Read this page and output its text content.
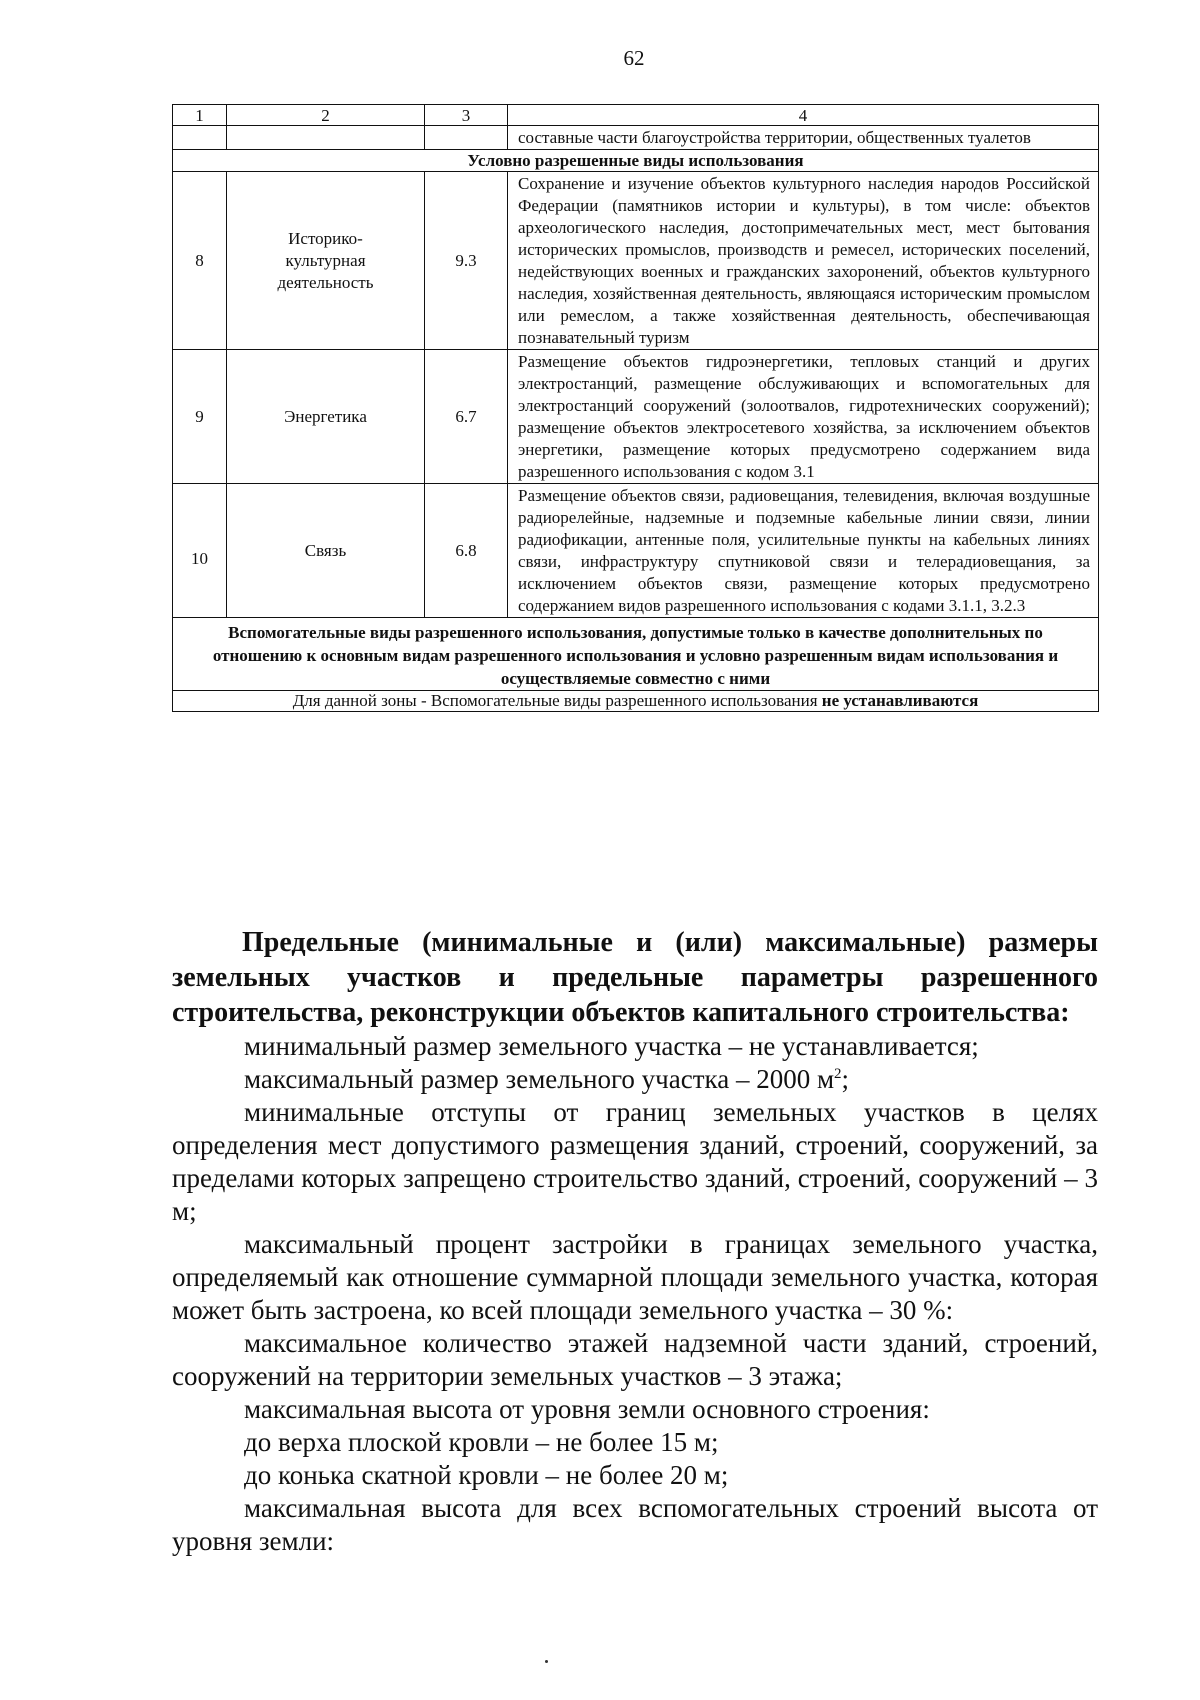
62
1	2	3	4
			составные части благоустройства территории, общественных туалетов
Условно разрешенные виды использования			
8	Историко-культурная деятельность	9.3	Сохранение и изучение объектов культурного наследия народов Российской Федерации (памятников истории и культуры), в том числе: объектов археологического наследия, достопримечательных мест, мест бытования исторических промыслов, производств и ремесел, исторических поселений, недействующих военных и гражданских захоронений, объектов культурного наследия, хозяйственная деятельность, являющаяся историческим промыслом или ремеслом, а также хозяйственная деятельность, обеспечивающая познавательный туризм
9	Энергетика	6.7	Размещение объектов гидроэнергетики, тепловых станций и других электростанций, размещение обслуживающих и вспомогательных для электростанций сооружений (золоотвалов, гидротехнических сооружений); размещение объектов электросетевого хозяйства, за исключением объектов энергетики, размещение которых предусмотрено содержанием вида разрешенного использования с кодом 3.1
10	Связь	6.8	Размещение объектов связи, радиовещания, телевидения, включая воздушные радиорелейные, надземные и подземные кабельные линии связи, линии радиофикации, антенные поля, усилительные пункты на кабельных линиях связи, инфраструктуру спутниковой связи и телерадиовещания, за исключением объектов связи, размещение которых предусмотрено содержанием видов разрешенного использования с кодами 3.1.1, 3.2.3
Вспомогательные виды разрешенного использования, допустимые только в качестве дополнительных по отношению к основным видам разрешенного использования и условно разрешенным видам использования и осуществляемые совместно с ними			
Для данной зоны - Вспомогательные виды разрешенного использования не устанавливаются			
Предельные (минимальные и (или) максимальные) размеры земельных участков и предельные параметры разрешенного строительства, реконструкции объектов капитального строительства:

минимальный размер земельного участка – не устанавливается;

максимальный размер земельного участка – 2000 $м^2$;

минимальные отступы от границ земельных участков в целях определения мест допустимого размещения зданий, строений, сооружений, за пределами которых запрещено строительство зданий, строений, сооружений – 3 м;

максимальный процент застройки в границах земельного участка, определяемый как отношение суммарной площади земельного участка, которая может быть застроена, ко всей площади земельного участка – 30 %:

максимальное количество этажей надземной части зданий, строений, сооружений на территории земельных участков – 3 этажа;

максимальная высота от уровня земли основного строения:

до верха плоской кровли – не более 15 м;

до конька скатной кровли – не более 20 м;

максимальная высота для всех вспомогательных строений высота от уровня земли:
